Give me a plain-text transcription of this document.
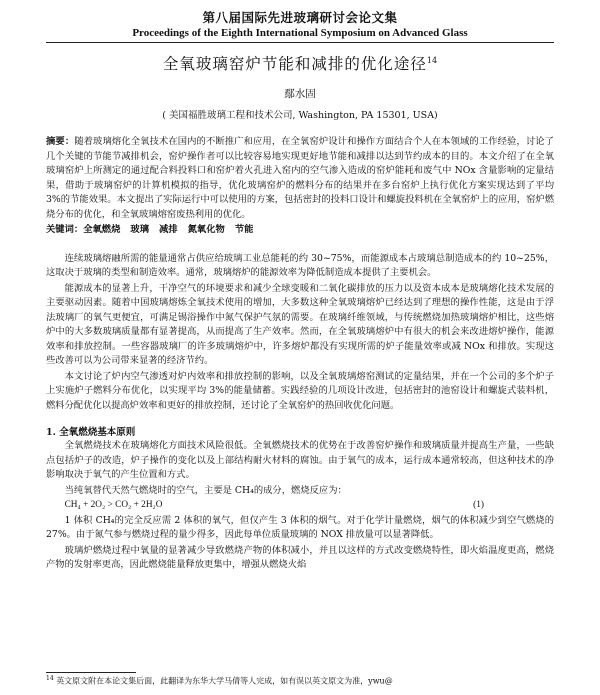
第八届国际先进玻璃研讨会论文集
Proceedings of the Eighth International Symposium on Advanced Glass
全氧玻璃窑炉节能和减排的优化途径$^{14}$
鄢水固
( 美国福胜玻璃工程和技术公司, Washington, PA 15301, USA)

摘要：随着玻璃熔化全氧技术在国内的不断推广和应用，在全氧窑炉设计和操作方面结合个人在本领域的工作经验，讨论了几个关键的节能节减排机会，窑炉操作者可以比较容易地实现更好地节能和减排以达到节约成本的目的。本文介绍了在全氧玻璃窑炉上所测定的通过配合料投料口和窑炉着火孔进入窑内的空气渗入造成的窑炉能耗和废气中 NOx 含量影响的定量结果，借助于玻璃窑炉的计算机模拟的指导，优化玻璃窑炉的燃料分布的结果并在多台窑炉上执行优化方案实现达到了平均 3%的节能效果。本文提出了实际运行中可以使用的方案，包括密封的投料口设计和螺旋投料机在全氧窑炉上的应用，窑炉燃烧分布的优化，和全氧玻璃熔窑废热利用的优化。

关键词：全氧燃烧 玻璃 减排 氮氧化物 节能

连续玻璃熔融所需的能量通常占供应给玻璃工业总能耗的约 30~75%，而能源成本占玻璃总制造成本的约 10~25%，这取决于玻璃的类型和制造效率。通常，玻璃熔炉的能源效率为降低制造成本提供了主要机会。

能源成本的显著上升，干净空气的环境要求和减少全球变暖和二氧化碳排放的压力以及资本成本是玻璃熔化技术发展的主要驱动因素。随着中国玻璃熔炼全氧技术使用的增加，大多数这种全氧玻璃熔炉已经达到了理想的操作性能，这是由于浮法玻璃厂的氧气更便宜，可满足锡浴操作中氮气保护气氛的需要。在玻璃纤维领域，与传统燃烧加热玻璃熔炉相比，这些熔炉中的大多数玻璃质量都有显著提高，从而提高了生产效率。然而，在全氧玻璃熔炉中有很大的机会来改进熔炉操作，能源效率和排放控制。一些容器玻璃厂的许多玻璃熔炉中，许多熔炉都没有实现所需的炉子能量效率或减 NOx 和排放。实现这些改善可以为公司带来显著的经济节约。

本文讨论了炉内空气渗透对炉内效率和排放控制的影响，以及全氧玻璃熔窑测试的定量结果，并在一个公司的多个炉子上实施炉子燃料分布优化，以实现平均 3%的能量储蓄。实践经验的几项设计改进，包括密封的池窑设计和螺旋式装料机，燃料分配优化以提高炉效率和更好的排放控制，还讨论了全氧窑炉的热回收优化问题。

1. 全氧燃烧基本原则

全氧燃烧技术在玻璃熔化方面技术风险很低。全氧燃烧技术的优势在于改善窑炉操作和玻璃质量并提高生产量，一些缺点包括炉子的改造，炉子操作的变化以及上部结构耐火材料的腐蚀。由于氧气的成本，运行成本通常较高，但这种技术的净影响取决于氧气的产生位置和方式。

当纯氧替代天然气燃烧时的空气，主要是 CH₄的成分，燃烧反应为：

CH₄ + 2O₂ > CO₂ + 2H₂O	(1)

1 体积 CH₄的完全反应需 2 体积的氧气，但仅产生 3 体积的烟气。对于化学计量燃烧，烟气的体积减少到空气燃烧的 27%。由于氮气参与燃烧过程的量少得多，因此每单位质量玻璃的 NOX 排放量可以显著降低。

玻璃炉燃烧过程中氧量的显著减少导致燃烧产物的体积减小，并且以这样的方式改变燃烧特性，即火焰温度更高，燃烧产物的发射率更高，因此燃烧能量释放更集中，增强从燃烧火焰

$^{14}$ 英文原文附在本论文集后面，此翻译为东华大学马倩等人完成，如有误以英文原文为准，ywu@
